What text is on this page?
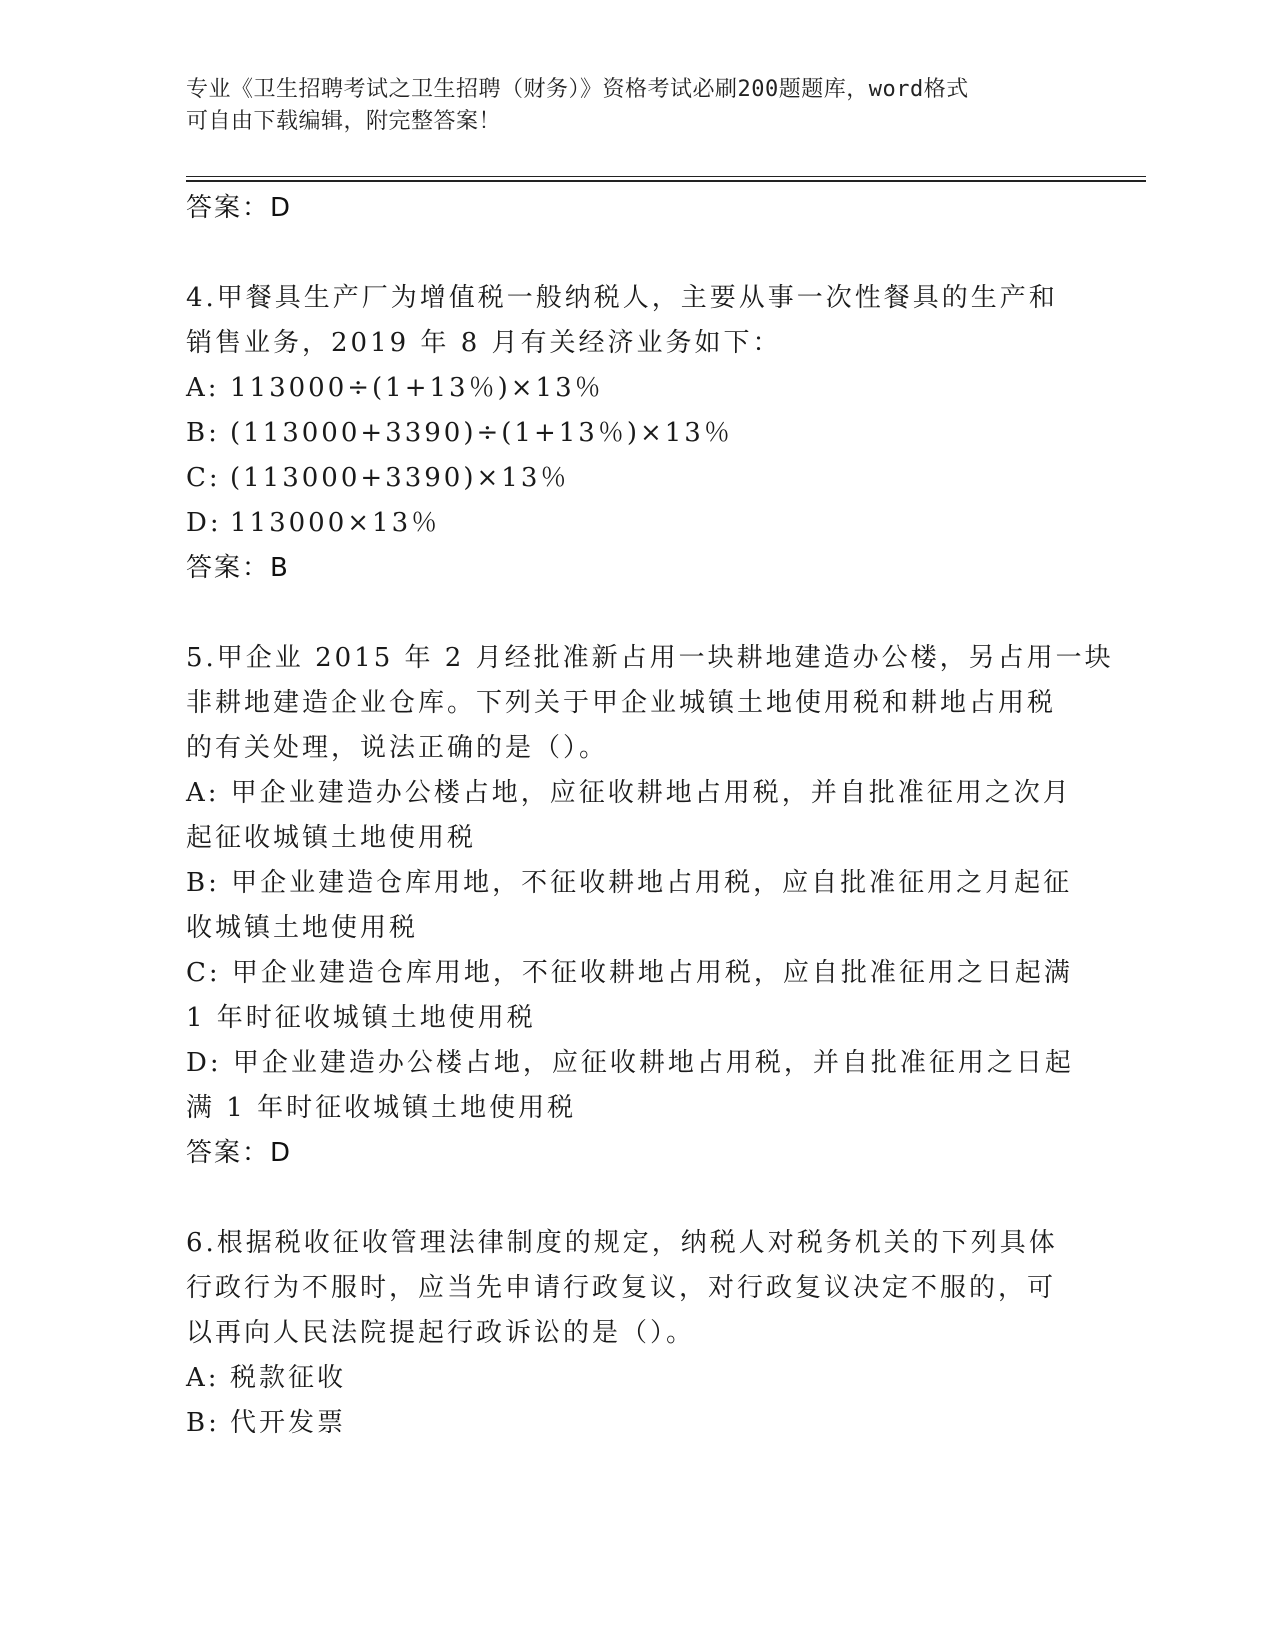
专业《卫生招聘考试之卫生招聘（财务）》资格考试必刷200题题库，word格式
可自由下载编辑，附完整答案！
答案：D
4.甲餐具生产厂为增值税一般纳税人，主要从事一次性餐具的生产和
销售业务，2019 年 8 月有关经济业务如下：
A: 113000÷(1+13％)×13％
B: (113000+3390)÷(1+13％)×13％
C: (113000+3390)×13％
D: 113000×13％
答案：B
5.甲企业 2015 年 2 月经批准新占用一块耕地建造办公楼，另占用一块
非耕地建造企业仓库。下列关于甲企业城镇土地使用税和耕地占用税
的有关处理，说法正确的是（）。
A: 甲企业建造办公楼占地，应征收耕地占用税，并自批准征用之次月
起征收城镇土地使用税
B: 甲企业建造仓库用地，不征收耕地占用税，应自批准征用之月起征
收城镇土地使用税
C: 甲企业建造仓库用地，不征收耕地占用税，应自批准征用之日起满
1 年时征收城镇土地使用税
D: 甲企业建造办公楼占地，应征收耕地占用税，并自批准征用之日起
满 1 年时征收城镇土地使用税
答案：D
6.根据税收征收管理法律制度的规定，纳税人对税务机关的下列具体
行政行为不服时，应当先申请行政复议，对行政复议决定不服的，可
以再向人民法院提起行政诉讼的是（）。
A: 税款征收
B: 代开发票
